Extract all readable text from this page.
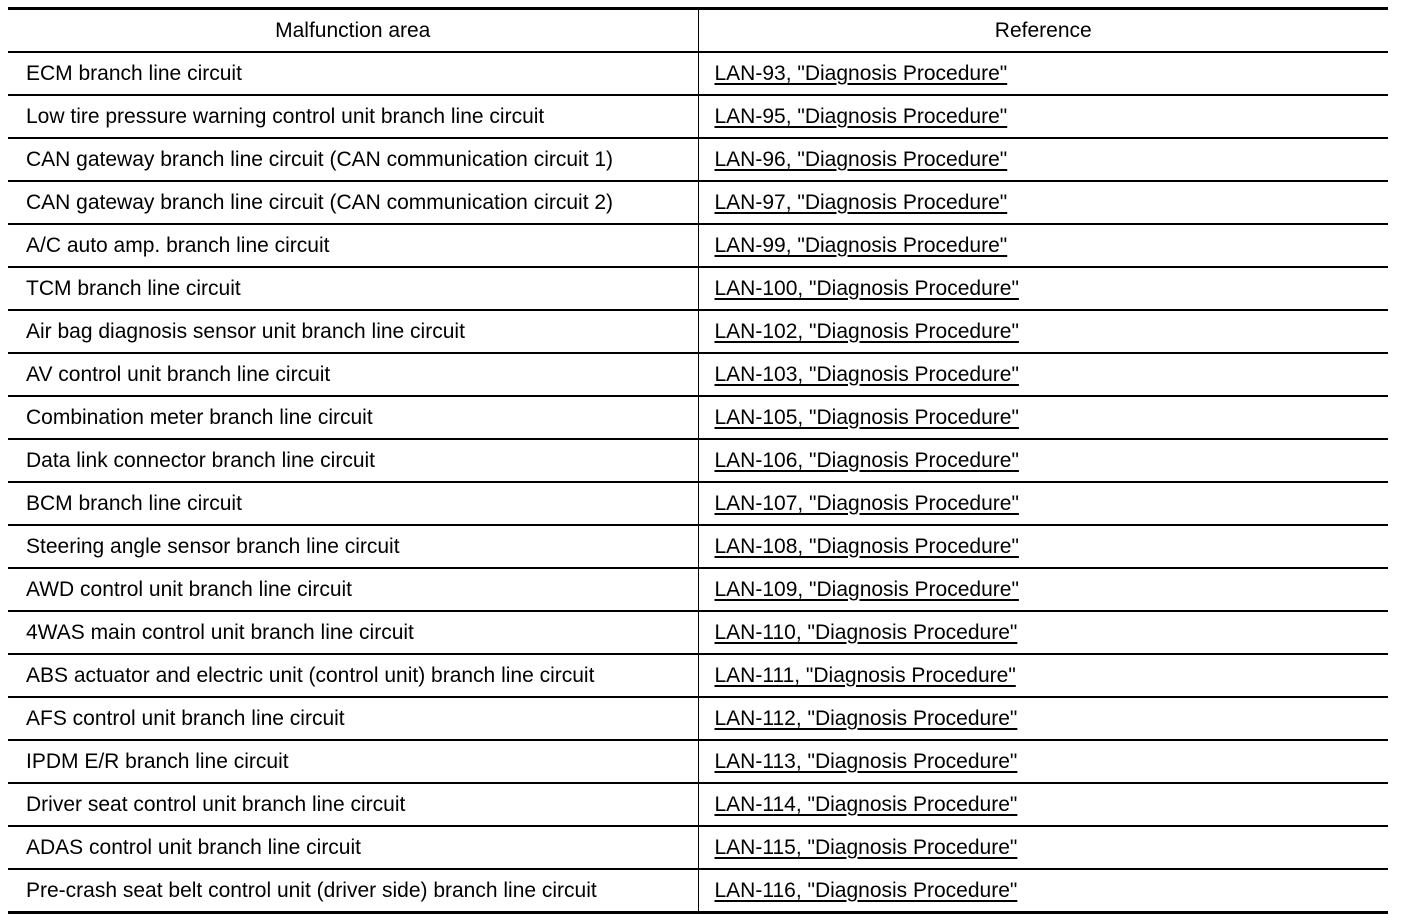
Malfunction area	Reference
ECM branch line circuit	LAN-93, "Diagnosis Procedure"
Low tire pressure warning control unit branch line circuit	LAN-95, "Diagnosis Procedure"
CAN gateway branch line circuit (CAN communication circuit 1)	LAN-96, "Diagnosis Procedure"
CAN gateway branch line circuit (CAN communication circuit 2)	LAN-97, "Diagnosis Procedure"
A/C auto amp. branch line circuit	LAN-99, "Diagnosis Procedure"
TCM branch line circuit	LAN-100, "Diagnosis Procedure"
Air bag diagnosis sensor unit branch line circuit	LAN-102, "Diagnosis Procedure"
AV control unit branch line circuit	LAN-103, "Diagnosis Procedure"
Combination meter branch line circuit	LAN-105, "Diagnosis Procedure"
Data link connector branch line circuit	LAN-106, "Diagnosis Procedure"
BCM branch line circuit	LAN-107, "Diagnosis Procedure"
Steering angle sensor branch line circuit	LAN-108, "Diagnosis Procedure"
AWD control unit branch line circuit	LAN-109, "Diagnosis Procedure"
4WAS main control unit branch line circuit	LAN-110, "Diagnosis Procedure"
ABS actuator and electric unit (control unit) branch line circuit	LAN-111, "Diagnosis Procedure"
AFS control unit branch line circuit	LAN-112, "Diagnosis Procedure"
IPDM E/R branch line circuit	LAN-113, "Diagnosis Procedure"
Driver seat control unit branch line circuit	LAN-114, "Diagnosis Procedure"
ADAS control unit branch line circuit	LAN-115, "Diagnosis Procedure"
Pre-crash seat belt control unit (driver side) branch line circuit	LAN-116, "Diagnosis Procedure"
